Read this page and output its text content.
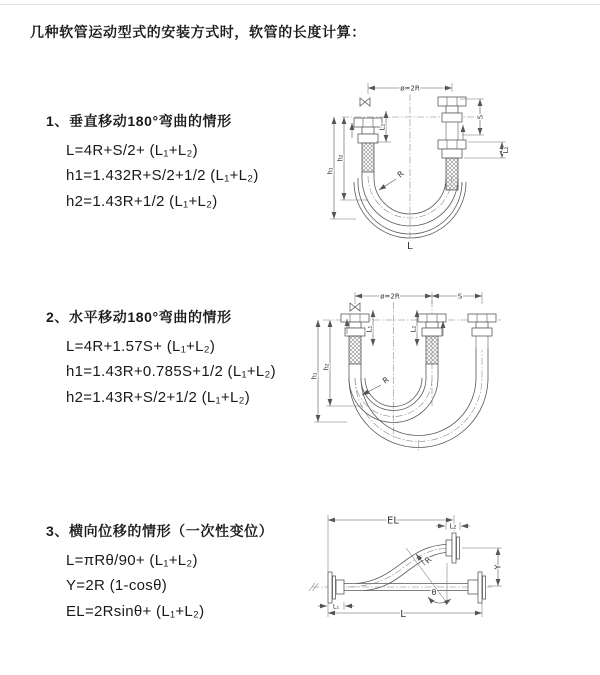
几种软管运动型式的安装方式时，软管的长度计算：
1、垂直移动180°弯曲的情形
L=4R+S/2+ (L₁+L₂)
h1=1.432R+S/2+1/2 (L₁+L₂)
h2=1.43R+1/2 (L₁+L₂)
2、水平移动180°弯曲的情形
L=4R+1.57S+ (L₁+L₂)
h1=1.43R+0.785S+1/2 (L₁+L₂)
h2=1.43R+S/2+1/2 (L₁+L₂)
3、横向位移的情形（一次性变位）
L=πRθ/90+ (L₁+L₂)
Y=2R (1-cosθ)
EL=2Rsinθ+ (L₁+L₂)
ø=2R
h₁
h₂
L₁
S
L₂
R
L
ø=2R	S
h₁
h₂
L₁	L₂
R
θ
EL	L₂
Y
R
L
L₁
